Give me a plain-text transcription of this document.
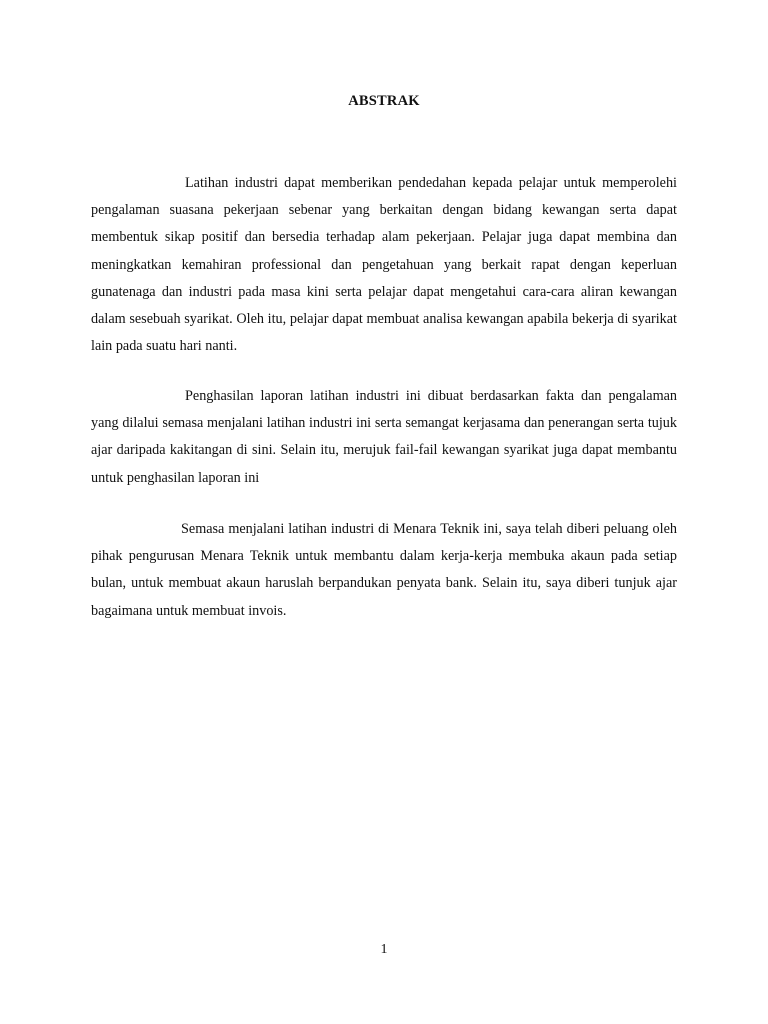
ABSTRAK

Latihan industri dapat memberikan pendedahan kepada pelajar untuk memperolehi pengalaman suasana pekerjaan sebenar yang berkaitan dengan bidang kewangan serta dapat membentuk sikap positif dan bersedia terhadap alam pekerjaan. Pelajar juga dapat membina dan meningkatkan kemahiran professional dan pengetahuan yang berkait rapat dengan keperluan gunatenaga dan industri pada masa kini serta pelajar dapat mengetahui cara-cara aliran kewangan dalam sesebuah syarikat. Oleh itu, pelajar dapat membuat analisa kewangan apabila bekerja di syarikat lain pada suatu hari nanti.

Penghasilan laporan latihan industri ini dibuat berdasarkan fakta dan pengalaman yang dilalui semasa menjalani latihan industri ini serta semangat kerjasama dan penerangan serta tujuk ajar daripada kakitangan di sini. Selain itu, merujuk fail-fail kewangan syarikat juga dapat membantu untuk penghasilan laporan ini

Semasa menjalani latihan industri di Menara Teknik ini, saya telah diberi peluang oleh pihak pengurusan Menara Teknik untuk membantu dalam kerja-kerja membuka akaun pada setiap bulan, untuk membuat akaun haruslah berpandukan penyata bank. Selain itu, saya diberi tunjuk ajar bagaimana untuk membuat invois.

1
